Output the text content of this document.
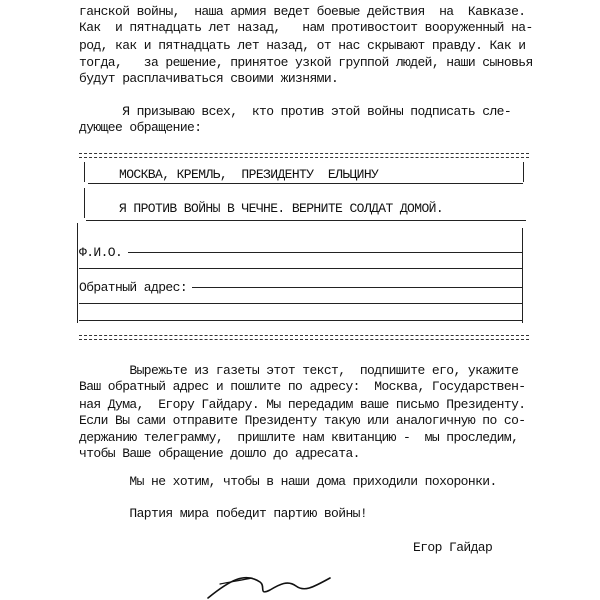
ганской войны,  наша армия ведет боевые действия  на  Кавказе.
Как  и пятнадцать лет назад,   нам противостоит вооруженный на-
род, как и пятнадцать лет назад, от нас скрывают правду. Как и
тогда,   за решение, принятое узкой группой людей, наши сыновья
будут расплачиваться своими жизнями.
Я призываю всех,  кто против этой войны подписать сле-
дующее обращение:
МОСКВА, КРЕМЛЬ,  ПРЕЗИДЕНТУ  ЕЛЬЦИНУ
Я ПРОТИВ ВОЙНЫ В ЧЕЧНЕ. ВЕРНИТЕ СОЛДАТ ДОМОЙ.
Ф.И.О.
Обратный адрес:
Вырежьте из газеты этот текст,  подпишите его, укажите
Ваш обратный адрес и пошлите по адресу:  Москва, Государствен-
ная Дума,  Егору Гайдару. Мы передадим ваше письмо Президенту.
Если Вы сами отправите Президенту такую или аналогичную по со-
держанию телеграмму,  пришлите нам квитанцию -  мы проследим,
чтобы Ваше обращение дошло до адресата.
Мы не хотим, чтобы в наши дома приходили похоронки.
Партия мира победит партию войны!
Егор Гайдар
